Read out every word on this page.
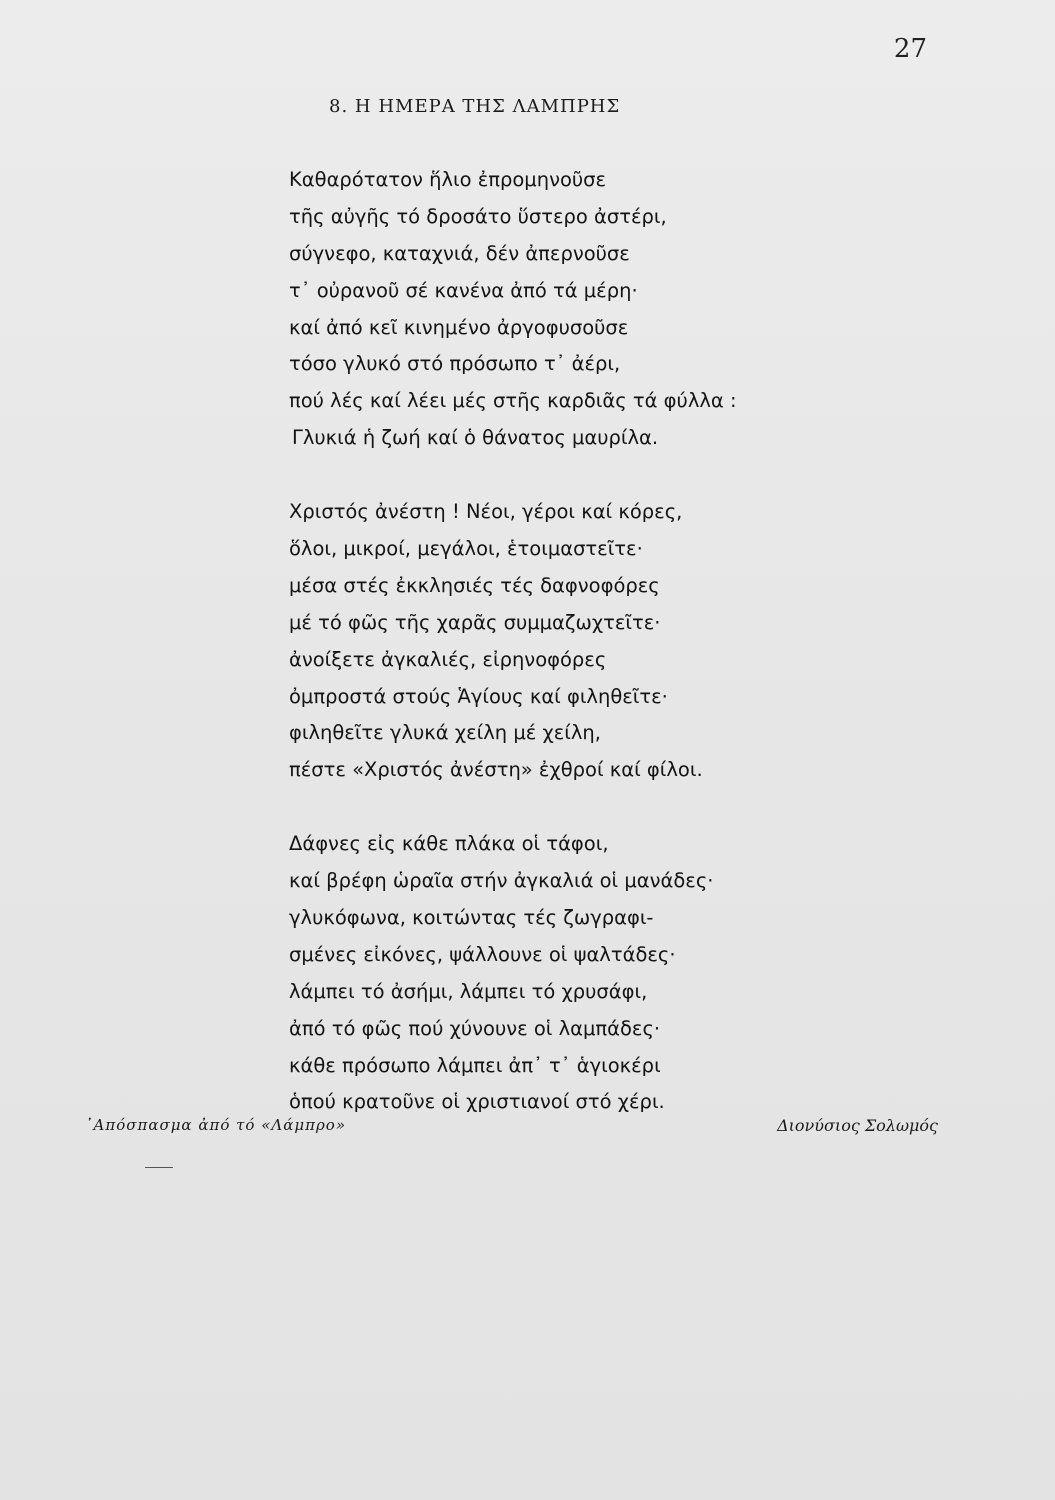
27
8. Η ΗΜΕΡΑ ΤΗΣ ΛΑΜΠΡΗΣ
Καθαρότατον ἥλιο ἐπρομηνοῦσε
τῆς αὐγῆς τό δροσάτο ὕστερο ἀστέρι,
σύγνεφο, καταχνιά, δέν ἀπερνοῦσε
τ᾽ οὐρανοῦ σέ κανένα ἀπό τά μέρη·
καί ἀπό κεῖ κινημένο ἀργοφυσοῦσε
τόσο γλυκό στό πρόσωπο τ᾽ ἀέρι,
πού λές καί λέει μές στῆς καρδιᾶς τά φύλλα :
Γλυκιά ἡ ζωή καί ὁ θάνατος μαυρίλα.
Χριστός ἀνέστη ! Νέοι, γέροι καί κόρες,
ὅλοι, μικροί, μεγάλοι, ἑτοιμαστεῖτε·
μέσα στές ἐκκλησιές τές δαφνοφόρες
μέ τό φῶς τῆς χαρᾶς συμμαζωχτεῖτε·
ἀνοίξετε ἀγκαλιές, εἰρηνοφόρες
ὀμπροστά στούς Ἁγίους καί φιληθεῖτε·
φιληθεῖτε γλυκά χείλη μέ χείλη,
πέστε «Χριστός ἀνέστη» ἐχθροί καί φίλοι.
Δάφνες εἰς κάθε πλάκα οἱ τάφοι,
καί βρέφη ὡραῖα στήν ἀγκαλιά οἱ μανάδες·
γλυκόφωνα, κοιτώντας τές ζωγραφι-
σμένες εἰκόνες, ψάλλουνε οἱ ψαλτάδες·
λάμπει τό ἀσήμι, λάμπει τό χρυσάφι,
ἀπό τό φῶς πού χύνουνε οἱ λαμπάδες·
κάθε πρόσωπο λάμπει ἀπ᾽ τ᾽ ἁγιοκέρι
ὁπού κρατοῦνε οἱ χριστιανοί στό χέρι.
᾽Απόσπασμα ἀπό τό «Λάμπρο»	Διονύσιος Σολωμός
